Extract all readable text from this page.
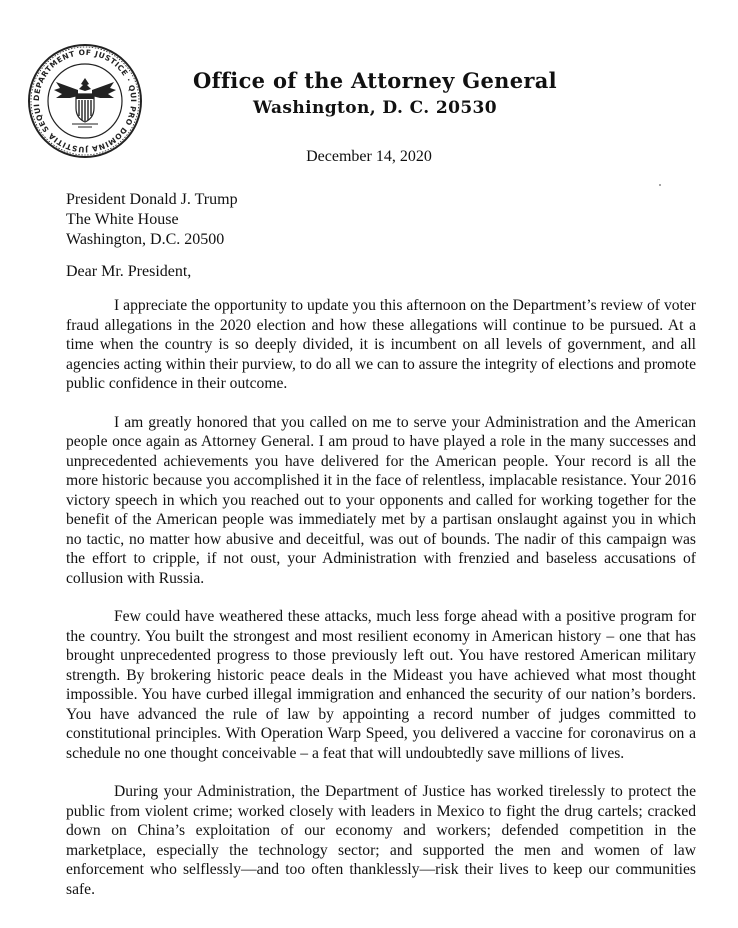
DEPARTMENT OF JUSTICE · QUI PRO DOMINA JUSTITIA SEQUI
Office of the Attorney General
Washington, D. C. 20530
December 14, 2020
President Donald J. Trump
The White House
Washington, D.C. 20500
Dear Mr. President,

I appreciate the opportunity to update you this afternoon on the Department’s review of voter fraud allegations in the 2020 election and how these allegations will continue to be pursued. At a time when the country is so deeply divided, it is incumbent on all levels of government, and all agencies acting within their purview, to do all we can to assure the integrity of elections and promote public confidence in their outcome.

I am greatly honored that you called on me to serve your Administration and the American people once again as Attorney General. I am proud to have played a role in the many successes and unprecedented achievements you have delivered for the American people. Your record is all the more historic because you accomplished it in the face of relentless, implacable resistance. Your 2016 victory speech in which you reached out to your opponents and called for working together for the benefit of the American people was immediately met by a partisan onslaught against you in which no tactic, no matter how abusive and deceitful, was out of bounds. The nadir of this campaign was the effort to cripple, if not oust, your Administration with frenzied and baseless accusations of collusion with Russia.

Few could have weathered these attacks, much less forge ahead with a positive program for the country. You built the strongest and most resilient economy in American history – one that has brought unprecedented progress to those previously left out. You have restored American military strength. By brokering historic peace deals in the Mideast you have achieved what most thought impossible. You have curbed illegal immigration and enhanced the security of our nation’s borders. You have advanced the rule of law by appointing a record number of judges committed to constitutional principles. With Operation Warp Speed, you delivered a vaccine for coronavirus on a schedule no one thought conceivable – a feat that will undoubtedly save millions of lives.

During your Administration, the Department of Justice has worked tirelessly to protect the public from violent crime; worked closely with leaders in Mexico to fight the drug cartels; cracked down on China’s exploitation of our economy and workers; defended competition in the marketplace, especially the technology sector; and supported the men and women of law enforcement who selflessly—and too often thanklessly—risk their lives to keep our communities safe.
